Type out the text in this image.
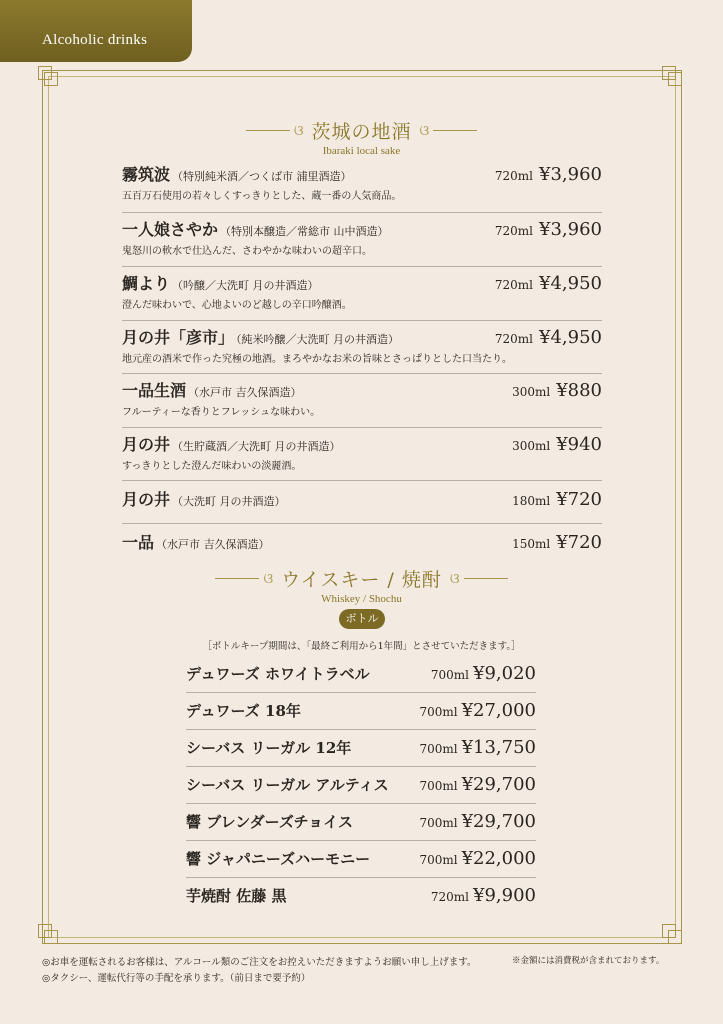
Alcoholic drinks
ଓ 茨城の地酒 ଓ
Ibaraki local sake
霧筑波 （特別純米酒／つくば市 浦里酒造）	720ml ¥3,960
五百万石使用の若々しくすっきりとした、蔵一番の人気商品。
一人娘さやか （特別本醸造／常総市 山中酒造）	720ml ¥3,960
鬼怒川の軟水で仕込んだ、さわやかな味わいの超辛口。
鯛より （吟醸／大洗町 月の井酒造）	720ml ¥4,950
澄んだ味わいで、心地よいのど越しの辛口吟醸酒。
月の井「彦市」 （純米吟醸／大洗町 月の井酒造）	720ml ¥4,950
地元産の酒米で作った究極の地酒。まろやかなお米の旨味とさっぱりとした口当たり。
一品生酒 （水戸市 吉久保酒造）	300ml ¥880
フルーティーな香りとフレッシュな味わい。
月の井 （生貯蔵酒／大洗町 月の井酒造）	300ml ¥940
すっきりとした澄んだ味わいの淡麗酒。
月の井 （大洗町 月の井酒造）	180ml ¥720
一品 （水戸市 吉久保酒造）	150ml ¥720
ଓ ウイスキー / 焼酎 ଓ
Whiskey / Shochu
ボトル
［ボトルキープ期間は、「最終ご利用から1年間」とさせていただきます。］
デュワーズ ホワイトラベル	700ml ¥9,020
デュワーズ 18年	700ml ¥27,000
シーバス リーガル 12年	700ml ¥13,750
シーバス リーガル アルティス	700ml ¥29,700
響 ブレンダーズチョイス	700ml ¥29,700
響 ジャパニーズハーモニー	700ml ¥22,000
芋焼酎 佐藤 黒	720ml ¥9,900
◎お車を運転されるお客様は、アルコール類のご注文をお控えいただきますようお願い申し上げます。
◎タクシー、運転代行等の手配を承ります。（前日まで要予約）
※金額には消費税が含まれております。
